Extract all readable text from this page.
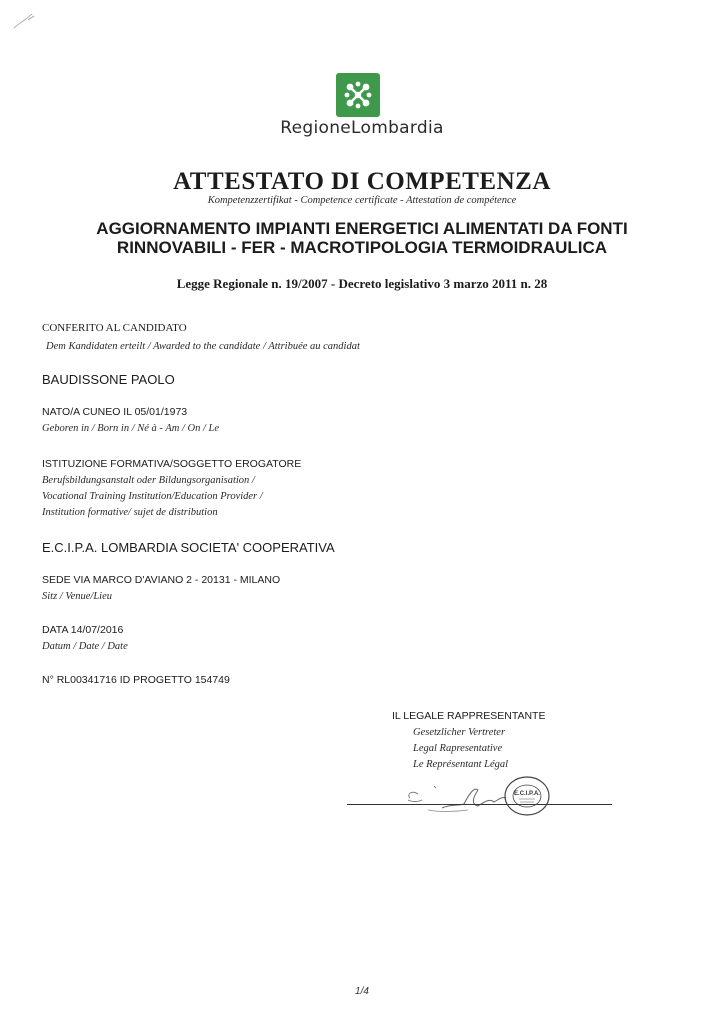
RegioneLombardia
ATTESTATO DI COMPETENZA
Kompetenzzertifikat - Competence certificate - Attestation de compétence
AGGIORNAMENTO IMPIANTI ENERGETICI ALIMENTATI DA FONTI
RINNOVABILI - FER - MACROTIPOLOGIA TERMOIDRAULICA
Legge Regionale n. 19/2007 - Decreto legislativo 3 marzo 2011 n. 28
CONFERITO AL CANDIDATO
Dem Kandidaten erteilt / Awarded to the candidate / Attribuée au candidat
BAUDISSONE PAOLO
NATO/A CUNEO IL 05/01/1973
Geboren in / Born in / Né à - Am / On / Le
ISTITUZIONE FORMATIVA/SOGGETTO EROGATORE
Berufsbildungsanstalt oder Bildungsorganisation /
Vocational Training Institution/Education Provider /
Institution formative/ sujet de distribution
E.C.I.P.A. LOMBARDIA SOCIETA' COOPERATIVA
SEDE VIA MARCO D'AVIANO 2 - 20131 - MILANO
Sitz / Venue/Lieu
DATA 14/07/2016
Datum / Date / Date
N° RL00341716 ID PROGETTO 154749
IL LEGALE RAPPRESENTANTE
Gesetzlicher Vertreter
Legal Rapresentative
Le Représentant Légal
E.C.I.P.A.
1/4
